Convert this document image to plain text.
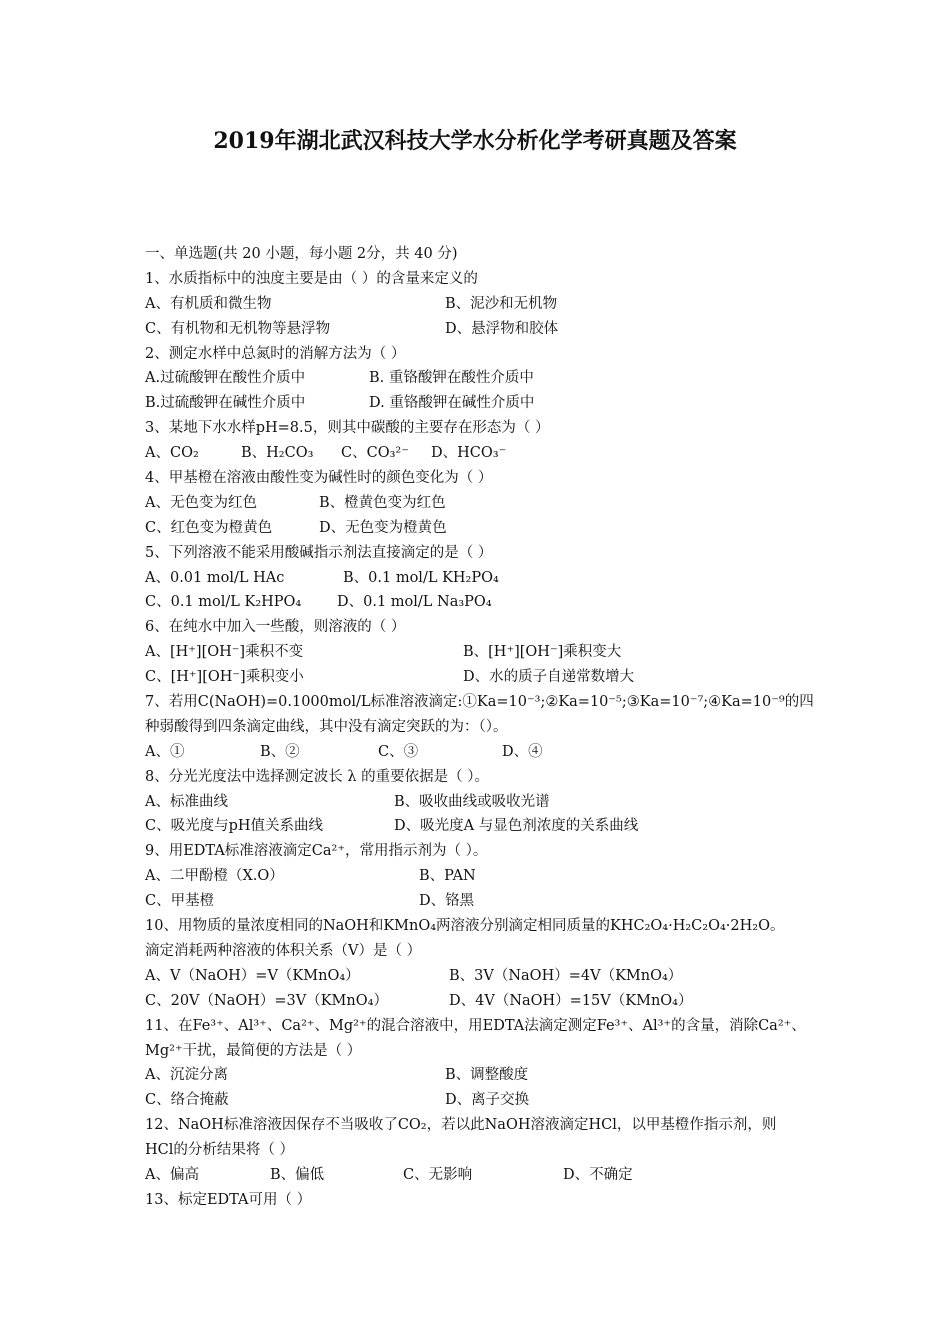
2019年湖北武汉科技大学水分析化学考研真题及答案
一、单选题(共 20 小题，每小题 2分，共 40 分)
1、水质指标中的浊度主要是由（ ）的含量来定义的
A、有机质和微生物	B、泥沙和无机物
C、有机物和无机物等悬浮物	D、悬浮物和胶体
2、测定水样中总氮时的消解方法为（ ）
A.过硫酸钾在酸性介质中	B. 重铬酸钾在酸性介质中
B.过硫酸钾在碱性介质中	D. 重铬酸钾在碱性介质中
3、某地下水水样pH=8.5，则其中碳酸的主要存在形态为（ ）
A、CO₂	B、H₂CO₃ C、CO₃²⁻ D、HCO₃⁻
4、甲基橙在溶液由酸性变为碱性时的颜色变化为（ ）
A、无色变为红色	B、橙黄色变为红色
C、红色变为橙黄色	D、无色变为橙黄色
5、下列溶液不能采用酸碱指示剂法直接滴定的是（ ）
A、0.01 mol/L HAc	B、0.1 mol/L KH₂PO₄
C、0.1 mol/L K₂HPO₄ D、0.1 mol/L Na₃PO₄
6、在纯水中加入一些酸，则溶液的（ ）
A、[H⁺][OH⁻]乘积不变	B、[H⁺][OH⁻]乘积变大
C、[H⁺][OH⁻]乘积变小	D、水的质子自递常数增大
7、若用C(NaOH)=0.1000mol/L标准溶液滴定:①Ka=10⁻³;②Ka=10⁻⁵;③Ka=10⁻⁷;④Ka=10⁻⁹的四
种弱酸得到四条滴定曲线，其中没有滴定突跃的为：（）。
A、①	B、②	C、③	D、④
8、分光光度法中选择测定波长 λ 的重要依据是（ ）。
A、标准曲线	B、吸收曲线或吸收光谱
C、吸光度与pH值关系曲线	D、吸光度A 与显色剂浓度的关系曲线
9、用EDTA标准溶液滴定Ca²⁺，常用指示剂为（ ）。
A、二甲酚橙（X.O）	B、PAN
C、甲基橙	D、铬黑
10、用物质的量浓度相同的NaOH和KMnO₄两溶液分别滴定相同质量的KHC₂O₄·H₂C₂O₄·2H₂O。
滴定消耗两种溶液的体积关系（V）是（ ）
A、V（NaOH）=V（KMnO₄）	B、3V（NaOH）=4V（KMnO₄）
C、20V（NaOH）=3V（KMnO₄）	D、4V（NaOH）=15V（KMnO₄）
11、在Fe³⁺、Al³⁺、Ca²⁺、Mg²⁺的混合溶液中，用EDTA法滴定测定Fe³⁺、Al³⁺的含量，消除Ca²⁺、
Mg²⁺干扰，最简便的方法是（ ）
A、沉淀分离	B、调整酸度
C、络合掩蔽	D、离子交换
12、NaOH标准溶液因保存不当吸收了CO₂，若以此NaOH溶液滴定HCl，以甲基橙作指示剂，则
HCl的分析结果将（ ）
A、偏高	B、偏低	C、无影响	D、不确定
13、标定EDTA可用（ ）
